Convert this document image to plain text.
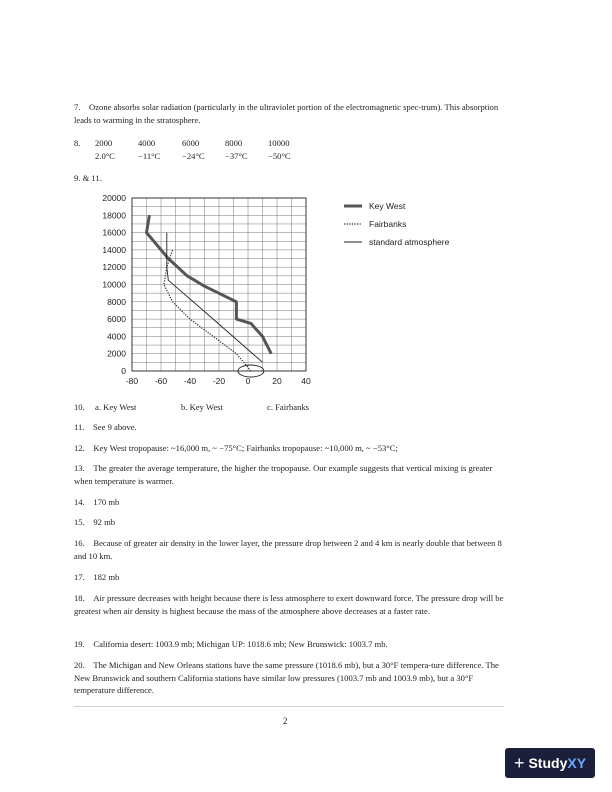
7. Ozone absorbs solar radiation (particularly in the ultraviolet portion of the electromagnetic spec-trum). This absorption leads to warming in the stratosphere.
8. 2000	4000	6000	8000	10000
2.0°C	−11°C	−24°C −37°C −50°C
9. & 11.
0
2000
4000
6000
8000
10000
12000
14000
16000
18000
20000
-80 -60 -40 -20 0	20 40
Key West
Fairbanks
standard atmosphere
10. a. Key West	b. Key West	c. Fairbanks
11. See 9 above.
12. Key West tropopause: ~16,000 m, ~ −75°C; Fairbanks tropopause: ~10,000 m, ~ −53°C;
13. The greater the average temperature, the higher the tropopause. Our example suggests that vertical mixing is greater when temperature is warmer.
14. 170 mb
15. 92 mb
16. Because of greater air density in the lower layer, the pressure drop between 2 and 4 km is nearly double that between 8 and 10 km.
17. 182 mb
18. Air pressure decreases with height because there is less atmosphere to exert downward force. The pressure drop will be greatest when air density is highest because the mass of the atmosphere above decreases at a faster rate.
19. California desert: 1003.9 mb; Michigan UP: 1018.6 mb; New Brunswick: 1003.7 mb.
20. The Michigan and New Orleans stations have the same pressure (1018.6 mb), but a 30°F tempera-ture difference. The New Brunswick and southern California stations have similar low pressures (1003.7 mb and 1003.9 mb), but a 30°F temperature difference.
2
+ Study XY
